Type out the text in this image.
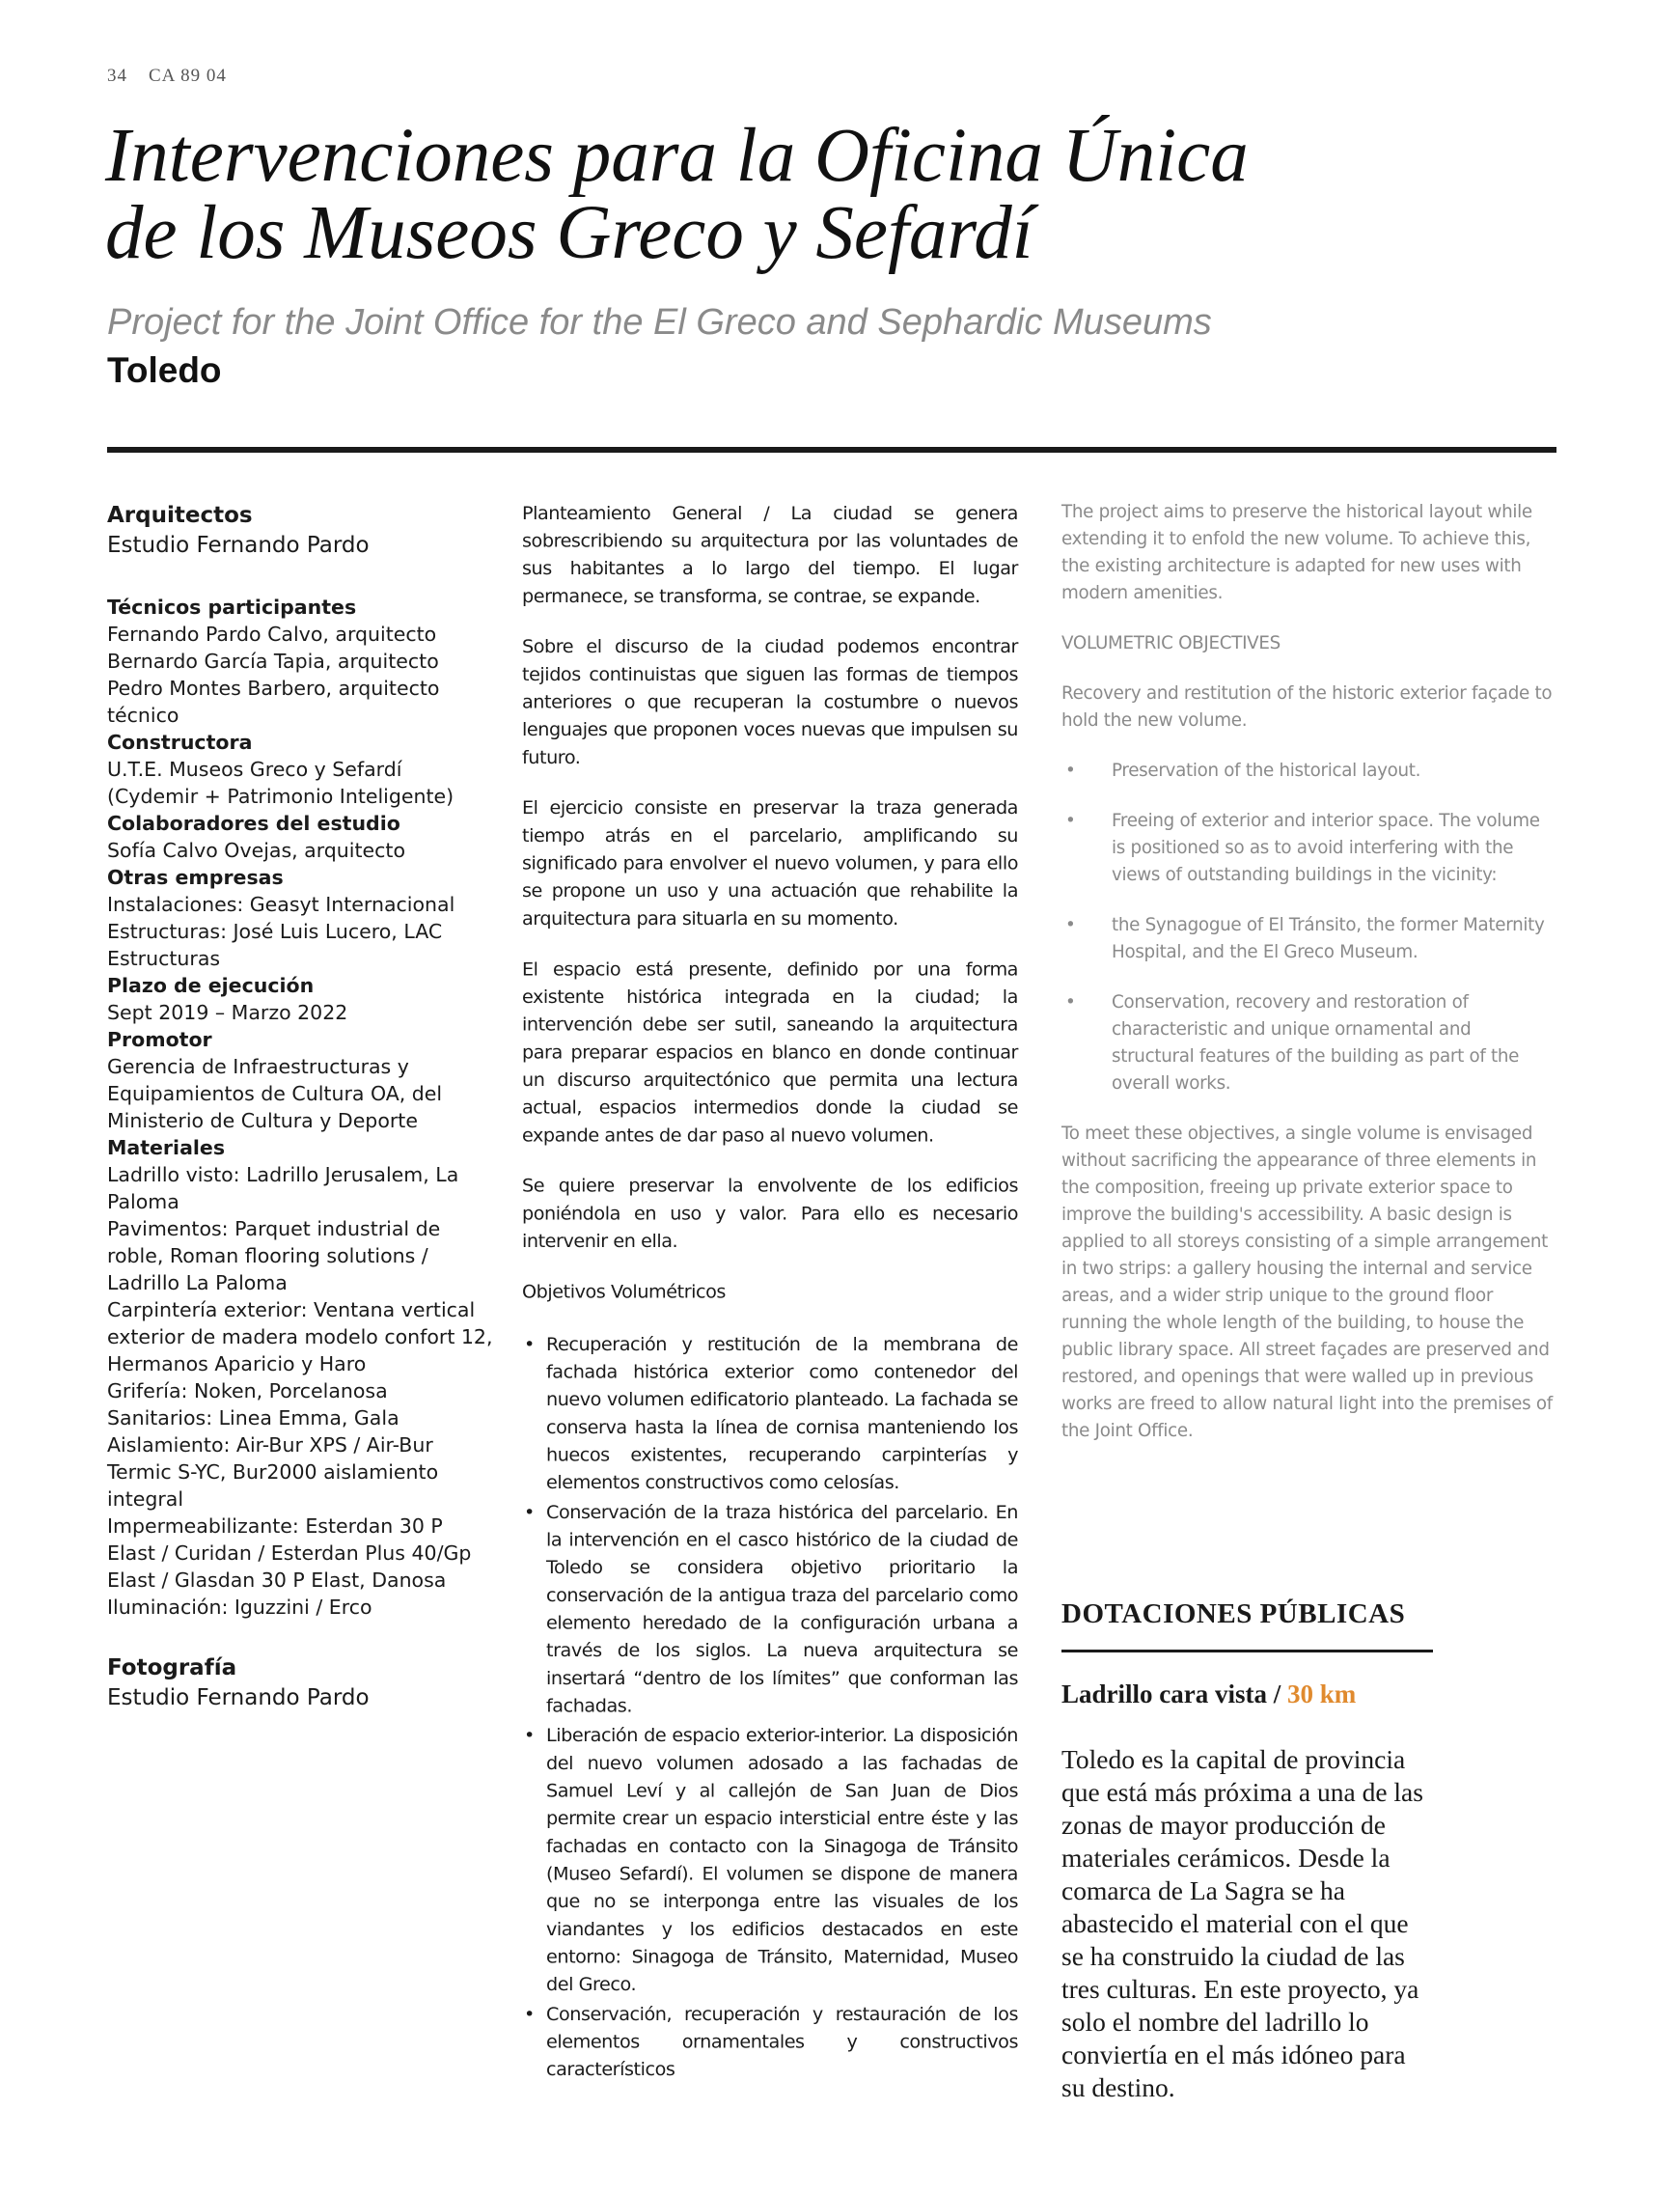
34 CA 89 04
Intervenciones para la Oficina Única
de los Museos Greco y Sefardí
Project for the Joint Office for the El Greco and Sephardic Museums
Toledo

Arquitectos

Estudio Fernando Pardo

Técnicos participantes

Fernando Pardo Calvo, arquitecto
Bernardo García Tapia, arquitecto
Pedro Montes Barbero, arquitecto
técnico

Constructora

U.T.E. Museos Greco y Sefardí
(Cydemir + Patrimonio Inteligente)

Colaboradores del estudio

Sofía Calvo Ovejas, arquitecto

Otras empresas

Instalaciones: Geasyt Internacional
Estructuras: José Luis Lucero, LAC
Estructuras

Plazo de ejecución

Sept 2019 – Marzo 2022

Promotor

Gerencia de Infraestructuras y
Equipamientos de Cultura OA, del
Ministerio de Cultura y Deporte

Materiales

Ladrillo visto: Ladrillo Jerusalem, La
Paloma
Pavimentos: Parquet industrial de
roble, Roman flooring solutions /
Ladrillo La Paloma
Carpintería exterior: Ventana vertical
exterior de madera modelo confort 12,
Hermanos Aparicio y Haro
Grifería: Noken, Porcelanosa
Sanitarios: Linea Emma, Gala
Aislamiento: Air-Bur XPS / Air-Bur
Termic S-YC, Bur2000 aislamiento
integral
Impermeabilizante: Esterdan 30 P
Elast / Curidan / Esterdan Plus 40/Gp
Elast / Glasdan 30 P Elast, Danosa
Iluminación: Iguzzini / Erco

Fotografía

Estudio Fernando Pardo

Planteamiento General / La ciudad se genera sobrescribiendo su arquitectura por las voluntades de sus habitantes a lo largo del tiempo. El lugar permanece, se transforma, se contrae, se expande.

Sobre el discurso de la ciudad podemos encontrar tejidos continuistas que siguen las formas de tiempos anteriores o que recuperan la costumbre o nuevos lenguajes que proponen voces nuevas que impulsen su futuro.

El ejercicio consiste en preservar la traza generada tiempo atrás en el parcelario, amplificando su significado para envolver el nuevo volumen, y para ello se propone un uso y una actuación que rehabilite la arquitectura para situarla en su momento.

El espacio está presente, definido por una forma existente histórica integrada en la ciudad; la intervención debe ser sutil, saneando la arquitectura para preparar espacios en blanco en donde continuar un discurso arquitectónico que permita una lectura actual, espacios intermedios donde la ciudad se expande antes de dar paso al nuevo volumen.

Se quiere preservar la envolvente de los edificios poniéndola en uso y valor. Para ello es necesario intervenir en ella.

Objetivos Volumétricos

• Recuperación y restitución de la membrana de fachada histórica exterior como contenedor del nuevo volumen edificatorio planteado. La fachada se conserva hasta la línea de cornisa manteniendo los huecos existentes, recuperando carpinterías y elementos constructivos como celosías.
• Conservación de la traza histórica del parcelario. En la intervención en el casco histórico de la ciudad de Toledo se considera objetivo prioritario la conservación de la antigua traza del parcelario como elemento heredado de la configuración urbana a través de los siglos. La nueva arquitectura se insertará “dentro de los límites” que conforman las fachadas.
• Liberación de espacio exterior-interior. La disposición del nuevo volumen adosado a las fachadas de Samuel Leví y al callejón de San Juan de Dios permite crear un espacio intersticial entre éste y las fachadas en contacto con la Sinagoga de Tránsito (Museo Sefardí). El volumen se dispone de manera que no se interponga entre las visuales de los viandantes y los edificios destacados en este entorno: Sinagoga de Tránsito, Maternidad, Museo del Greco.
• Conservación, recuperación y restauración de los elementos ornamentales y constructivos característicos

The project aims to preserve the historical layout while extending it to enfold the new volume. To achieve this, the existing architecture is adapted for new uses with modern amenities.

VOLUMETRIC OBJECTIVES

Recovery and restitution of the historic exterior façade to hold the new volume.

• Preservation of the historical layout.
• Freeing of exterior and interior space. The volume is positioned so as to avoid interfering with the views of outstanding buildings in the vicinity:
• the Synagogue of El Tránsito, the former Maternity Hospital, and the El Greco Museum.
• Conservation, recovery and restoration of characteristic and unique ornamental and structural features of the building as part of the overall works.

To meet these objectives, a single volume is envisaged without sacrificing the appearance of three elements in the composition, freeing up private exterior space to improve the building's accessibility. A basic design is applied to all storeys consisting of a simple arrangement in two strips: a gallery housing the internal and service areas, and a wider strip unique to the ground floor running the whole length of the building, to house the public library space. All street façades are preserved and restored, and openings that were walled up in previous works are freed to allow natural light into the premises of the Joint Office.

DOTACIONES PÚBLICAS
Ladrillo cara vista / 30 km

Toledo es la capital de provincia que está más próxima a una de las zonas de mayor producción de materiales cerámicos. Desde la comarca de La Sagra se ha abastecido el material con el que se ha construido la ciudad de las tres culturas. En este proyecto, ya solo el nombre del ladrillo lo conviertía en el más idóneo para su destino.
